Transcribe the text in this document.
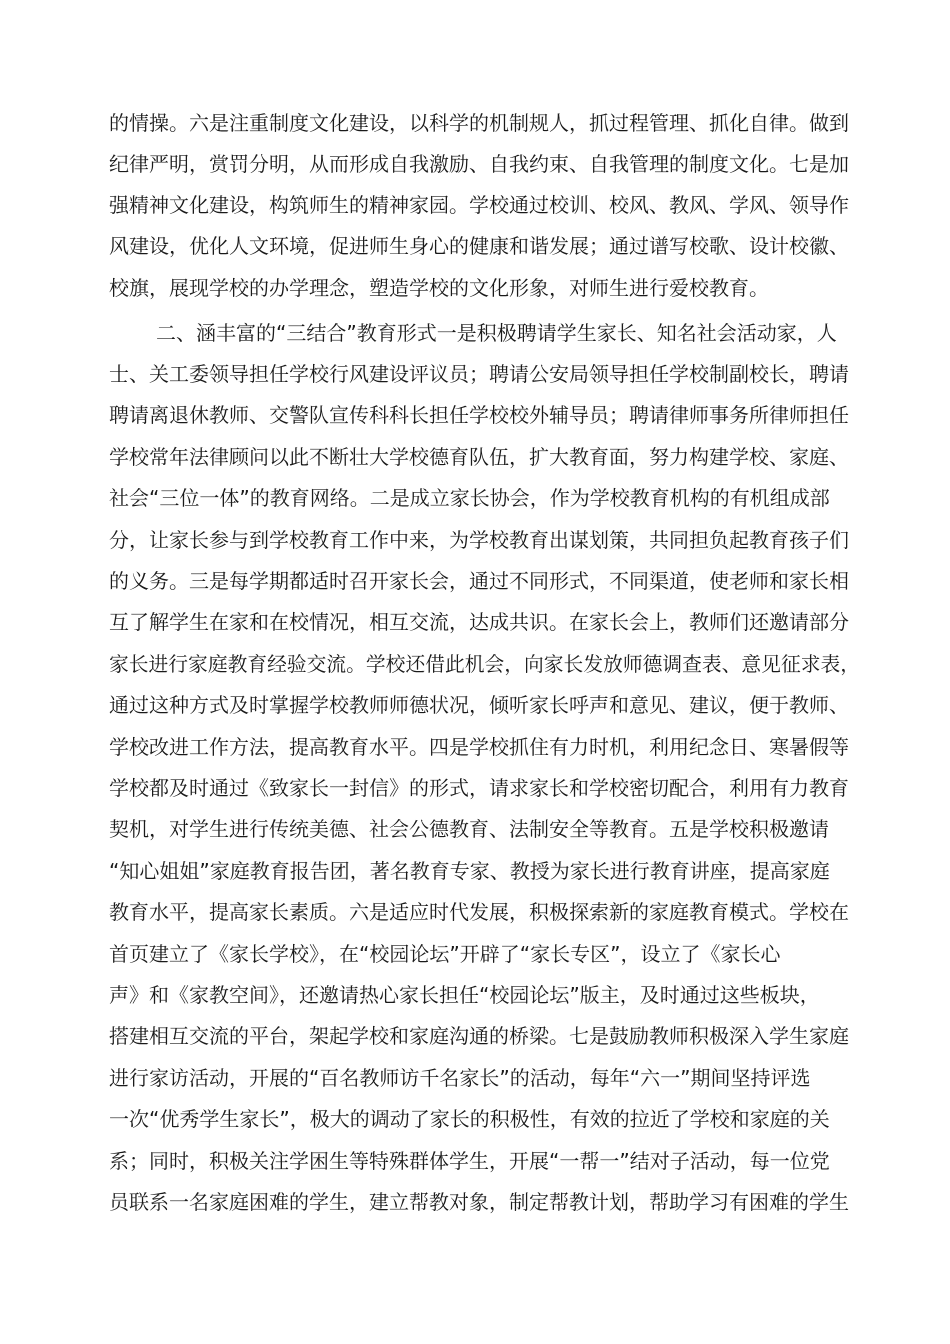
的情操。六是注重制度文化建设，以科学的机制规人，抓过程管理、抓化自律。做到
纪律严明，赏罚分明，从而形成自我激励、自我约束、自我管理的制度文化。七是加
强精神文化建设，构筑师生的精神家园。学校通过校训、校风、教风、学风、领导作
风建设，优化人文环境，促进师生身心的健康和谐发展；通过谱写校歌、设计校徽、
校旗，展现学校的办学理念，塑造学校的文化形象，对师生进行爱校教育。
二、涵丰富的“三结合”教育形式一是积极聘请学生家长、知名社会活动家，人
士、关工委领导担任学校行风建设评议员；聘请公安局领导担任学校制副校长，聘请
聘请离退休教师、交警队宣传科科长担任学校校外辅导员；聘请律师事务所律师担任
学校常年法律顾问以此不断壮大学校德育队伍，扩大教育面，努力构建学校、家庭、
社会“三位一体”的教育网络。二是成立家长协会，作为学校教育机构的有机组成部
分，让家长参与到学校教育工作中来，为学校教育出谋划策，共同担负起教育孩子们
的义务。三是每学期都适时召开家长会，通过不同形式，不同渠道，使老师和家长相
互了解学生在家和在校情况，相互交流，达成共识。在家长会上，教师们还邀请部分
家长进行家庭教育经验交流。学校还借此机会，向家长发放师德调查表、意见征求表，
通过这种方式及时掌握学校教师师德状况，倾听家长呼声和意见、建议，便于教师、
学校改进工作方法，提高教育水平。四是学校抓住有力时机，利用纪念日、寒暑假等
学校都及时通过《致家长一封信》的形式，请求家长和学校密切配合，利用有力教育
契机，对学生进行传统美德、社会公德教育、法制安全等教育。五是学校积极邀请
“知心姐姐”家庭教育报告团，著名教育专家、教授为家长进行教育讲座，提高家庭
教育水平，提高家长素质。六是适应时代发展，积极探索新的家庭教育模式。学校在
首页建立了《家长学校》，在“校园论坛”开辟了“家长专区”，设立了《家长心
声》和《家教空间》，还邀请热心家长担任“校园论坛”版主，及时通过这些板块，
搭建相互交流的平台，架起学校和家庭沟通的桥梁。七是鼓励教师积极深入学生家庭
进行家访活动，开展的“百名教师访千名家长”的活动，每年“六一”期间坚持评选
一次“优秀学生家长”，极大的调动了家长的积极性，有效的拉近了学校和家庭的关
系；同时，积极关注学困生等特殊群体学生，开展“一帮一”结对子活动，每一位党
员联系一名家庭困难的学生，建立帮教对象，制定帮教计划，帮助学习有困难的学生
